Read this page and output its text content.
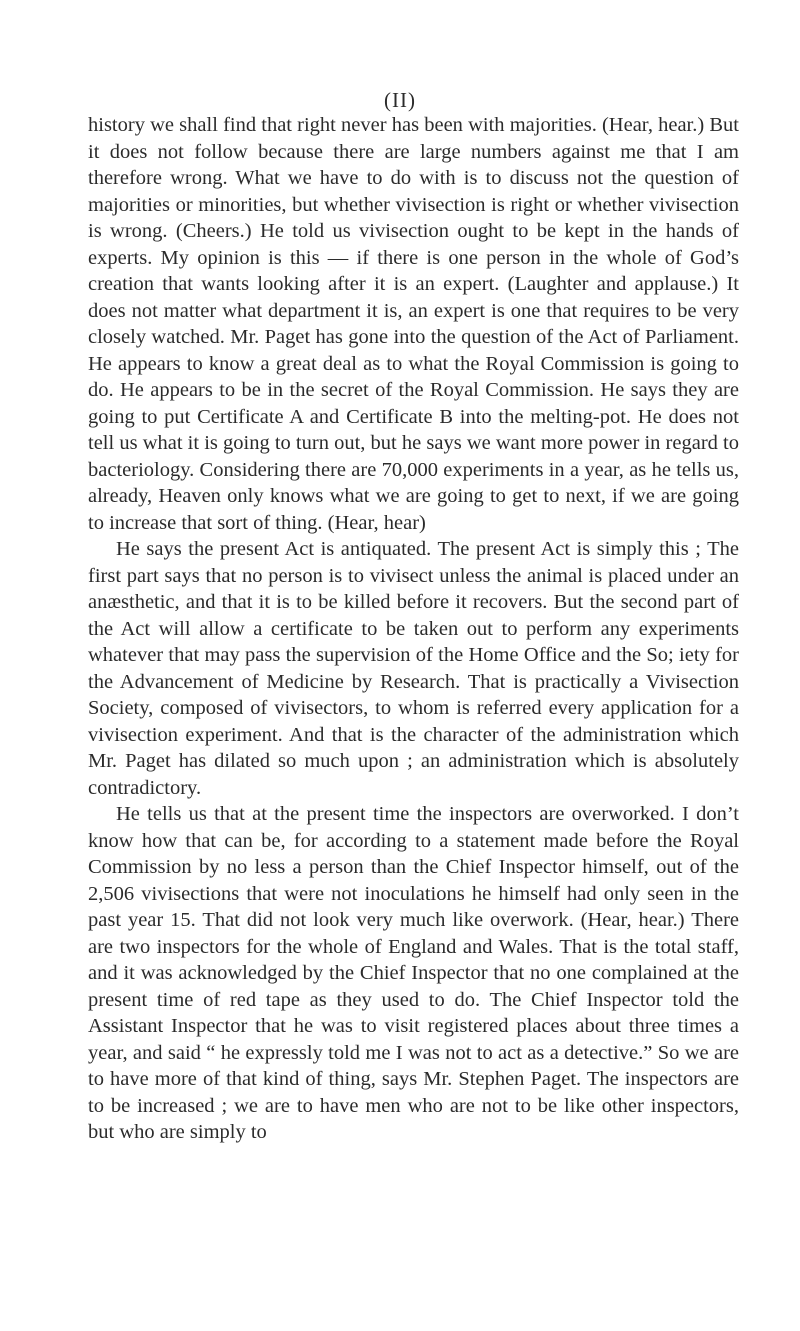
(II)

history we shall find that right never has been with majorities. (Hear, hear.) But it does not follow because there are large numbers against me that I am therefore wrong. What we have to do with is to discuss not the question of majorities or minorities, but whether vivisection is right or whether vivisection is wrong. (Cheers.) He told us vivisection ought to be kept in the hands of experts. My opinion is this — if there is one person in the whole of God’s creation that wants looking after it is an expert. (Laughter and applause.) It does not matter what department it is, an expert is one that requires to be very closely watched. Mr. Paget has gone into the question of the Act of Parliament. He appears to know a great deal as to what the Royal Commission is going to do. He appears to be in the secret of the Royal Commission. He says they are going to put Certificate A and Certificate B into the melting-pot. He does not tell us what it is going to turn out, but he says we want more power in regard to bacteriology. Considering there are 70,000 experiments in a year, as he tells us, already, Heaven only knows what we are going to get to next, if we are going to increase that sort of thing. (Hear, hear)

He says the present Act is antiquated. The present Act is simply this ; The first part says that no person is to vivisect unless the animal is placed under an anæsthetic, and that it is to be killed before it recovers. But the second part of the Act will allow a certificate to be taken out to perform any experiments whatever that may pass the supervision of the Home Office and the So; iety for the Advancement of Medicine by Research. That is practically a Vivisection Society, composed of vivisectors, to whom is referred every application for a vivisection experiment. And that is the character of the administration which Mr. Paget has dilated so much upon ; an administration which is absolutely contradictory.

He tells us that at the present time the inspectors are overworked. I don’t know how that can be, for according to a statement made before the Royal Commission by no less a person than the Chief Inspector himself, out of the 2,506 vivisections that were not inoculations he himself had only seen in the past year 15. That did not look very much like overwork. (Hear, hear.) There are two inspectors for the whole of England and Wales. That is the total staff, and it was acknowledged by the Chief Inspector that no one complained at the present time of red tape as they used to do. The Chief Inspector told the Assistant Inspector that he was to visit registered places about three times a year, and said “ he expressly told me I was not to act as a detective.” So we are to have more of that kind of thing, says Mr. Stephen Paget. The inspectors are to be increased ; we are to have men who are not to be like other inspectors, but who are simply to
